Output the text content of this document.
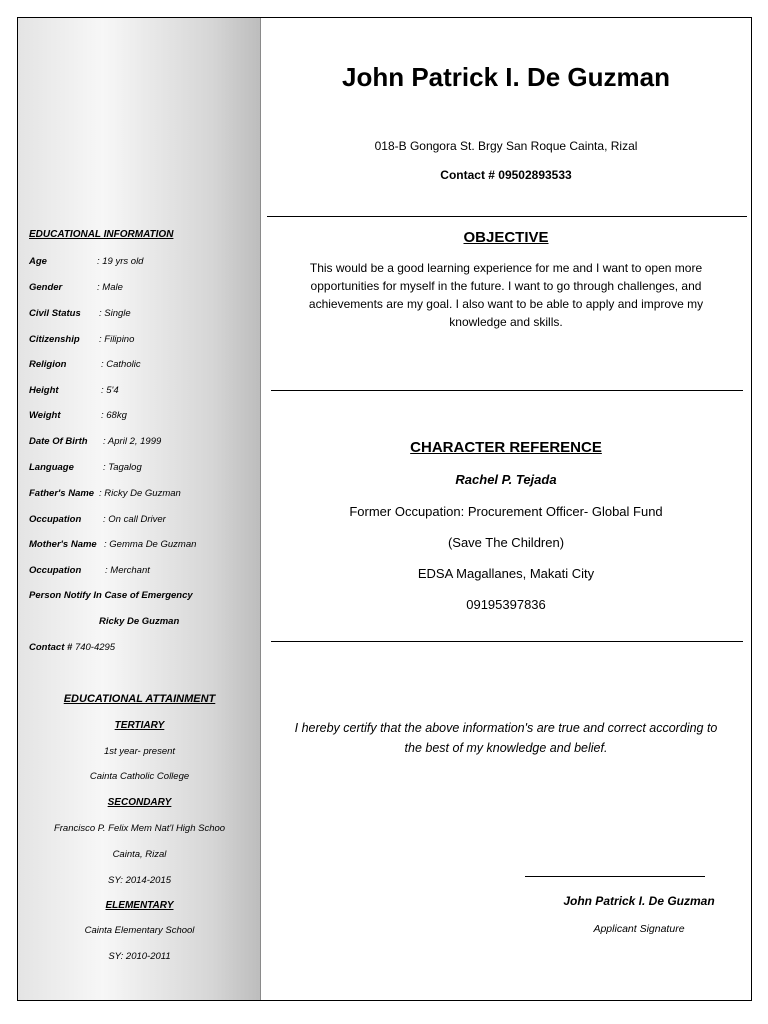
EDUCATIONAL INFORMATION
Age	: 19 yrs old
Gender	: Male
Civil Status : Single
Citizenship : Filipino
Religion	: Catholic
Height	: 5'4
Weight	: 68kg
Date Of Birth : April 2, 1999
Language	: Tagalog
Father's Name : Ricky De Guzman
Occupation : On call Driver
Mother's Name : Gemma De Guzman
Occupation : Merchant
Person Notify In Case of Emergency
Ricky De Guzman
Contact # 740-4295
EDUCATIONAL ATTAINMENT
TERTIARY
1st year- present
Cainta Catholic College
SECONDARY
Francisco P. Felix Mem Nat'l High Schoo
Cainta, Rizal
SY: 2014-2015
ELEMENTARY
Cainta Elementary School
SY: 2010-2011
John Patrick I. De Guzman
018-B Gongora St. Brgy San Roque Cainta, Rizal
Contact # 09502893533
OBJECTIVE
This would be a good learning experience for me and I want to open more
opportunities for myself in the future. I want to go through challenges, and
achievements are my goal. I also want to be able to apply and improve my
knowledge and skills.
CHARACTER REFERENCE
Rachel P. Tejada
Former Occupation: Procurement Officer- Global Fund
(Save The Children)
EDSA Magallanes, Makati City
09195397836
I hereby certify that the above information's are true and correct according to
the best of my knowledge and belief.
John Patrick I. De Guzman
Applicant Signature
